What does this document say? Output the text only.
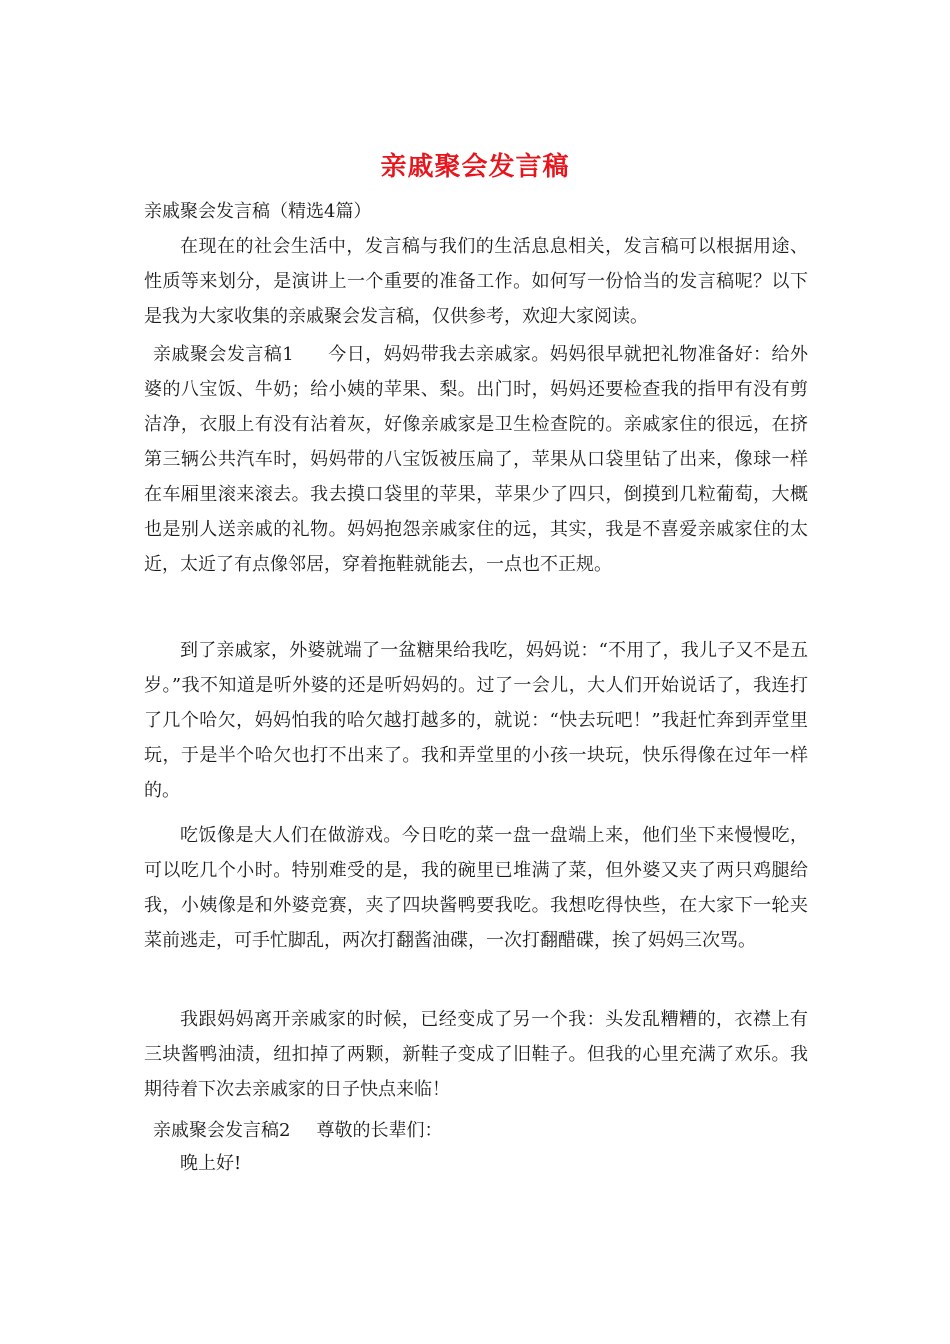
亲戚聚会发言稿
亲戚聚会发言稿（精选4篇）

在现在的社会生活中，发言稿与我们的生活息息相关，发言稿可以根据用途、性质等来划分，是演讲上一个重要的准备工作。如何写一份恰当的发言稿呢？以下是我为大家收集的亲戚聚会发言稿，仅供参考，欢迎大家阅读。

亲戚聚会发言稿1 今日，妈妈带我去亲戚家。妈妈很早就把礼物准备好：给外婆的八宝饭、牛奶；给小姨的苹果、梨。出门时，妈妈还要检查我的指甲有没有剪洁净，衣服上有没有沾着灰，好像亲戚家是卫生检查院的。亲戚家住的很远，在挤第三辆公共汽车时，妈妈带的八宝饭被压扁了，苹果从口袋里钻了出来，像球一样在车厢里滚来滚去。我去摸口袋里的苹果，苹果少了四只，倒摸到几粒葡萄，大概也是别人送亲戚的礼物。妈妈抱怨亲戚家住的远，其实，我是不喜爱亲戚家住的太近，太近了有点像邻居，穿着拖鞋就能去，一点也不正规。

到了亲戚家，外婆就端了一盆糖果给我吃，妈妈说：“不用了，我儿子又不是五岁。”我不知道是听外婆的还是听妈妈的。过了一会儿，大人们开始说话了，我连打了几个哈欠，妈妈怕我的哈欠越打越多的，就说：“快去玩吧！”我赶忙奔到弄堂里玩，于是半个哈欠也打不出来了。我和弄堂里的小孩一块玩，快乐得像在过年一样的。

吃饭像是大人们在做游戏。今日吃的菜一盘一盘端上来，他们坐下来慢慢吃，可以吃几个小时。特别难受的是，我的碗里已堆满了菜，但外婆又夹了两只鸡腿给我，小姨像是和外婆竞赛，夹了四块酱鸭要我吃。我想吃得快些，在大家下一轮夹菜前逃走，可手忙脚乱，两次打翻酱油碟，一次打翻醋碟，挨了妈妈三次骂。

我跟妈妈离开亲戚家的时候，已经变成了另一个我：头发乱糟糟的，衣襟上有三块酱鸭油渍，纽扣掉了两颗，新鞋子变成了旧鞋子。但我的心里充满了欢乐。我期待着下次去亲戚家的日子快点来临！

亲戚聚会发言稿2 尊敬的长辈们：

晚上好!
